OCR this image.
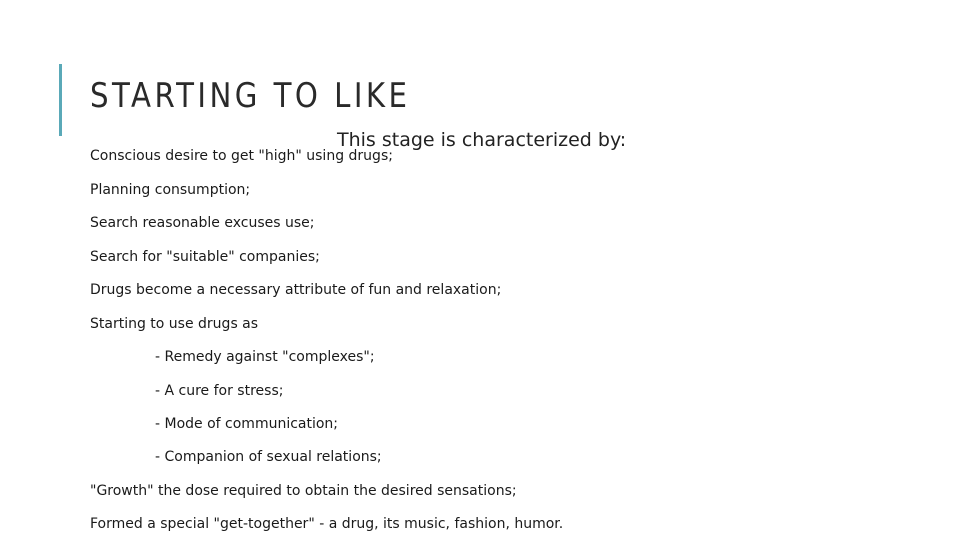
STARTING TO LIKE

This stage is characterized by:

Conscious desire to get "high" using drugs;
Planning consumption;
Search reasonable excuses use;
Search for "suitable" companies;
Drugs become a necessary attribute of fun and relaxation;
Starting to use drugs as
- Remedy against "complexes";
- A cure for stress;
- Mode of communication;
- Companion of sexual relations;
"Growth" the dose required to obtain the desired sensations;
Formed a special "get-together" - a drug, its music, fashion, humor.
